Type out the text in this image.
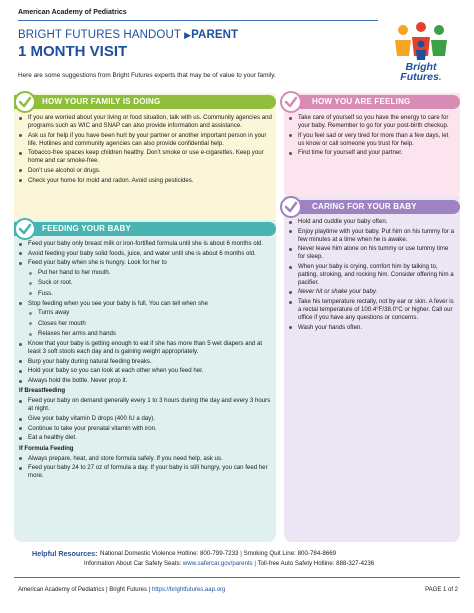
American Academy of Pediatrics
BRIGHT FUTURES HANDOUT ▶PARENT
1 MONTH VISIT
Here are some suggestions from Bright Futures experts that may be of value to your family.
Bright
Futures.
HOW YOUR FAMILY IS DOING	HOW YOU ARE FEELING
FEEDING YOUR BABY
CARING FOR YOUR BABY
If you are worried about your living or food situation, talk with us. Community agencies and programs such as WIC and SNAP can also provide information and assistance.
Ask us for help if you have been hurt by your partner or another important person in your life. Hotlines and community agencies can also provide confidential help.
Tobacco-free spaces keep children healthy. Don’t smoke or use e-cigarettes. Keep your home and car smoke-free.
Don’t use alcohol or drugs.
Check your home for mold and radon. Avoid using pesticides.
Take care of yourself so you have the energy to care for your baby. Remember to go for your post-birth checkup.
If you feel sad or very tired for more than a few days, let us know or call someone you trust for help.
Find time for yourself and your partner.
Feed your baby only breast milk or iron-fortified formula until she is about 6 months old.
Avoid feeding your baby solid foods, juice, and water until she is about 6 months old.
Feed your baby when she is hungry. Look for her to
Put her hand to her mouth.
Suck or root.
Fuss.
Stop feeding when you see your baby is full. You can tell when she
Turns away
Closes her mouth
Relaxes her arms and hands
Know that your baby is getting enough to eat if she has more than 5 wet diapers and at least 3 soft stools each day and is gaining weight appropriately.
Burp your baby during natural feeding breaks.
Hold your baby so you can look at each other when you feed her.
Always hold the bottle. Never prop it.
If Breastfeeding
Feed your baby on demand generally every 1 to 3 hours during the day and every 3 hours at night.
Give your baby vitamin D drops (400 IU a day).
Continue to take your prenatal vitamin with iron.
Eat a healthy diet.
If Formula Feeding
Always prepare, heat, and store formula safely. If you need help, ask us.
Feed your baby 24 to 27 oz of formula a day. If your baby is still hungry, you can feed her more.
Hold and cuddle your baby often.
Enjoy playtime with your baby. Put him on his tummy for a few minutes at a time when he is awake.
Never leave him alone on his tummy or use tummy time for sleep.
When your baby is crying, comfort him by talking to, patting, stroking, and rocking him. Consider offering him a pacifier.
Never hit or shake your baby.
Take his temperature rectally, not by ear or skin. A fever is a rectal temperature of 100.4°F/38.0°C or higher. Call our office if you have any questions or concerns.
Wash your hands often.
Helpful Resources: National Domestic Violence Hotline: 800-799-7233 | Smoking Quit Line: 800-784-8669
Information About Car Safety Seats: www.safercar.gov/parents | Toll-free Auto Safety Hotline: 888-327-4236
American Academy of Pediatrics | Bright Futures | https://brightfutures.aap.org	PAGE 1 of 2
